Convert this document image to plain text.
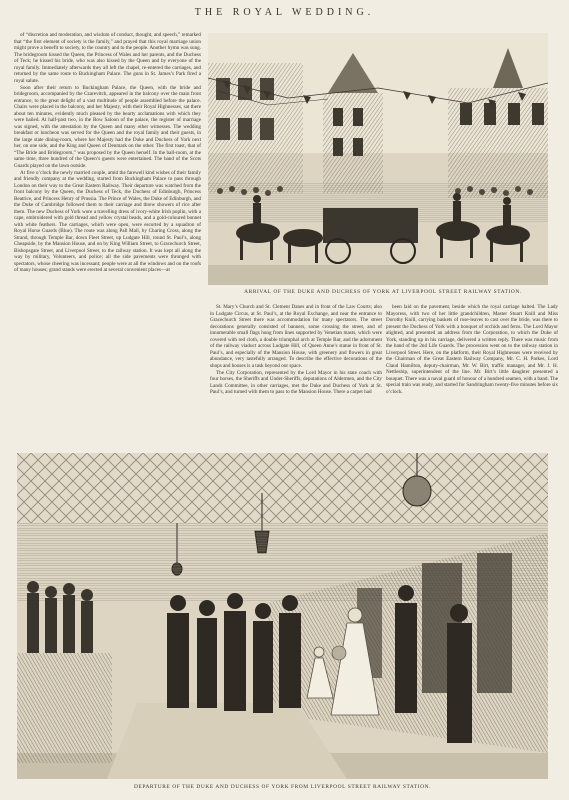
THE ROYAL WEDDING.

of “discretion and moderation, and wisdom of conduct, thought, and speech,” remarked that “the first element of society is the family,” and prayed that this royal marriage union might prove a benefit to society, to the country and to the people. Another hymn was sung. The bridegroom kissed the Queen, the Princess of Wales and her parents, and the Duchess of Teck; he kissed his bride, who was also kissed by the Queen and by everyone of the royal family. Immediately afterwards they all left the chapel, re-entered the carriages, and returned by the same route to Buckingham Palace. The guns in St. James’s Park fired a royal salute.

Soon after their return to Buckingham Palace, the Queen, with the bride and bridegroom, accompanied by the Czarevitch, appeared in the balcony over the main front entrance, to the great delight of a vast multitude of people assembled before the palace. Chairs were placed in the balcony, and her Majesty, with their Royal Highnesses, sat there about ten minutes, evidently much pleased by the hearty acclamations with which they were hailed. At half-past two, in the Bow Saloon of the palace, the register of marriage was signed, with the attestation by the Queen and many other witnesses. The wedding breakfast or luncheon was served for the Queen and the royal family and their guests, in the large state dining-room, where her Majesty had the Duke and Duchess of York next her, on one side, and the King and Queen of Denmark on the other. The first toast, that of “The Bride and Bridegroom,” was proposed by the Queen herself. In the ball-room, at the same time, three hundred of the Queen’s guests were entertained. The band of the Scots Guards played on the lawn outside.

At five o’clock the newly married couple, amid the farewell kind wishes of their family and friendly company at the wedding, started from Buckingham Palace to pass through London on their way to the Great Eastern Railway. Their departure was watched from the front balcony by the Queen, the Duchess of Teck, the Duchess of Edinburgh, Princess Beatrice, and Princess Henry of Prussia. The Prince of Wales, the Duke of Edinburgh, and the Duke of Cambridge followed them to their carriage and threw showers of rice after them. The new Duchess of York wore a travelling dress of ivory-white Irish poplin, with a cape, embroidered with gold thread and yellow crystal beads, and a gold-coloured bonnet with white feathers. The carriages, which were open, were escorted by a squadron of Royal Horse Guards (Blue). The route was along Pall Mall, by Charing Cross, along the Strand, through Temple Bar, down Fleet Street, up Ludgate Hill, round St. Paul’s, along Cheapside, by the Mansion House, and on by King William Street, to Gracechurch Street, Bishopsgate Street, and Liverpool Street, to the railway station. It was kept all along the way by military, Volunteers, and police; all the side pavements were thronged with spectators, whose cheering was incessant; people were at all the windows and on the roofs of many houses; grand stands were erected at several convenient places—at

ARRIVAL OF THE DUKE AND DUCHESS OF YORK AT LIVERPOOL STREET RAILWAY STATION.

St. Mary’s Church and St. Clement Danes and in front of the Law Courts; also in Ludgate Circus, at St. Paul’s, at the Royal Exchange, and near the entrance to Gracechurch Street there was accommodation for many spectators. The street decorations generally consisted of banners, some crossing the street, and of innumerable small flags hung from lines supported by Venetian masts, which were covered with red cloth, a double triumphal arch at Temple Bar, and the adornment of the railway viaduct across Ludgate Hill, of Queen Anne’s statue in front of St. Paul’s, and especially of the Mansion House, with greenery and flowers in great abundance, very tastefully arranged. To describe the effective decorations of the shops and houses is a task beyond our space.

The City Corporation, represented by the Lord Mayor in his state coach with four horses, the Sheriffs and Under-Sheriffs, deputations of Aldermen, and the City Lands Committee, in other carriages, met the Duke and Duchess of York at St. Paul’s, and turned with them to pass to the Mansion House. There a carpet had

been laid on the pavement, beside which the royal carriage halted. The Lady Mayoress, with two of her little grandchildren, Master Stuart Knill and Miss Dorothy Knill, carrying baskets of rose-leaves to cast over the bride, was there to present the Duchess of York with a bouquet of orchids and ferns. The Lord Mayor alighted, and presented an address from the Corporation, to which the Duke of York, standing up in his carriage, delivered a written reply. There was music from the band of the 2nd Life Guards. The procession went on to the railway station in Liverpool Street. Here, on the platform, their Royal Highnesses were received by the Chairman of the Great Eastern Railway Company, Mr. C. H. Parkes, Lord Claud Hamilton, deputy-chairman, Mr. W. Birt, traffic manager, and Mr. J. H. Nettleship, superintendent of the line. Mr. Birt’s little daughter presented a bouquet. There was a naval guard of honour of a hundred seamen, with a band. The special train was ready, and started for Sandringham twenty-five minutes before six o’clock.

DEPARTURE OF THE DUKE AND DUCHESS OF YORK FROM LIVERPOOL STREET RAILWAY STATION.
